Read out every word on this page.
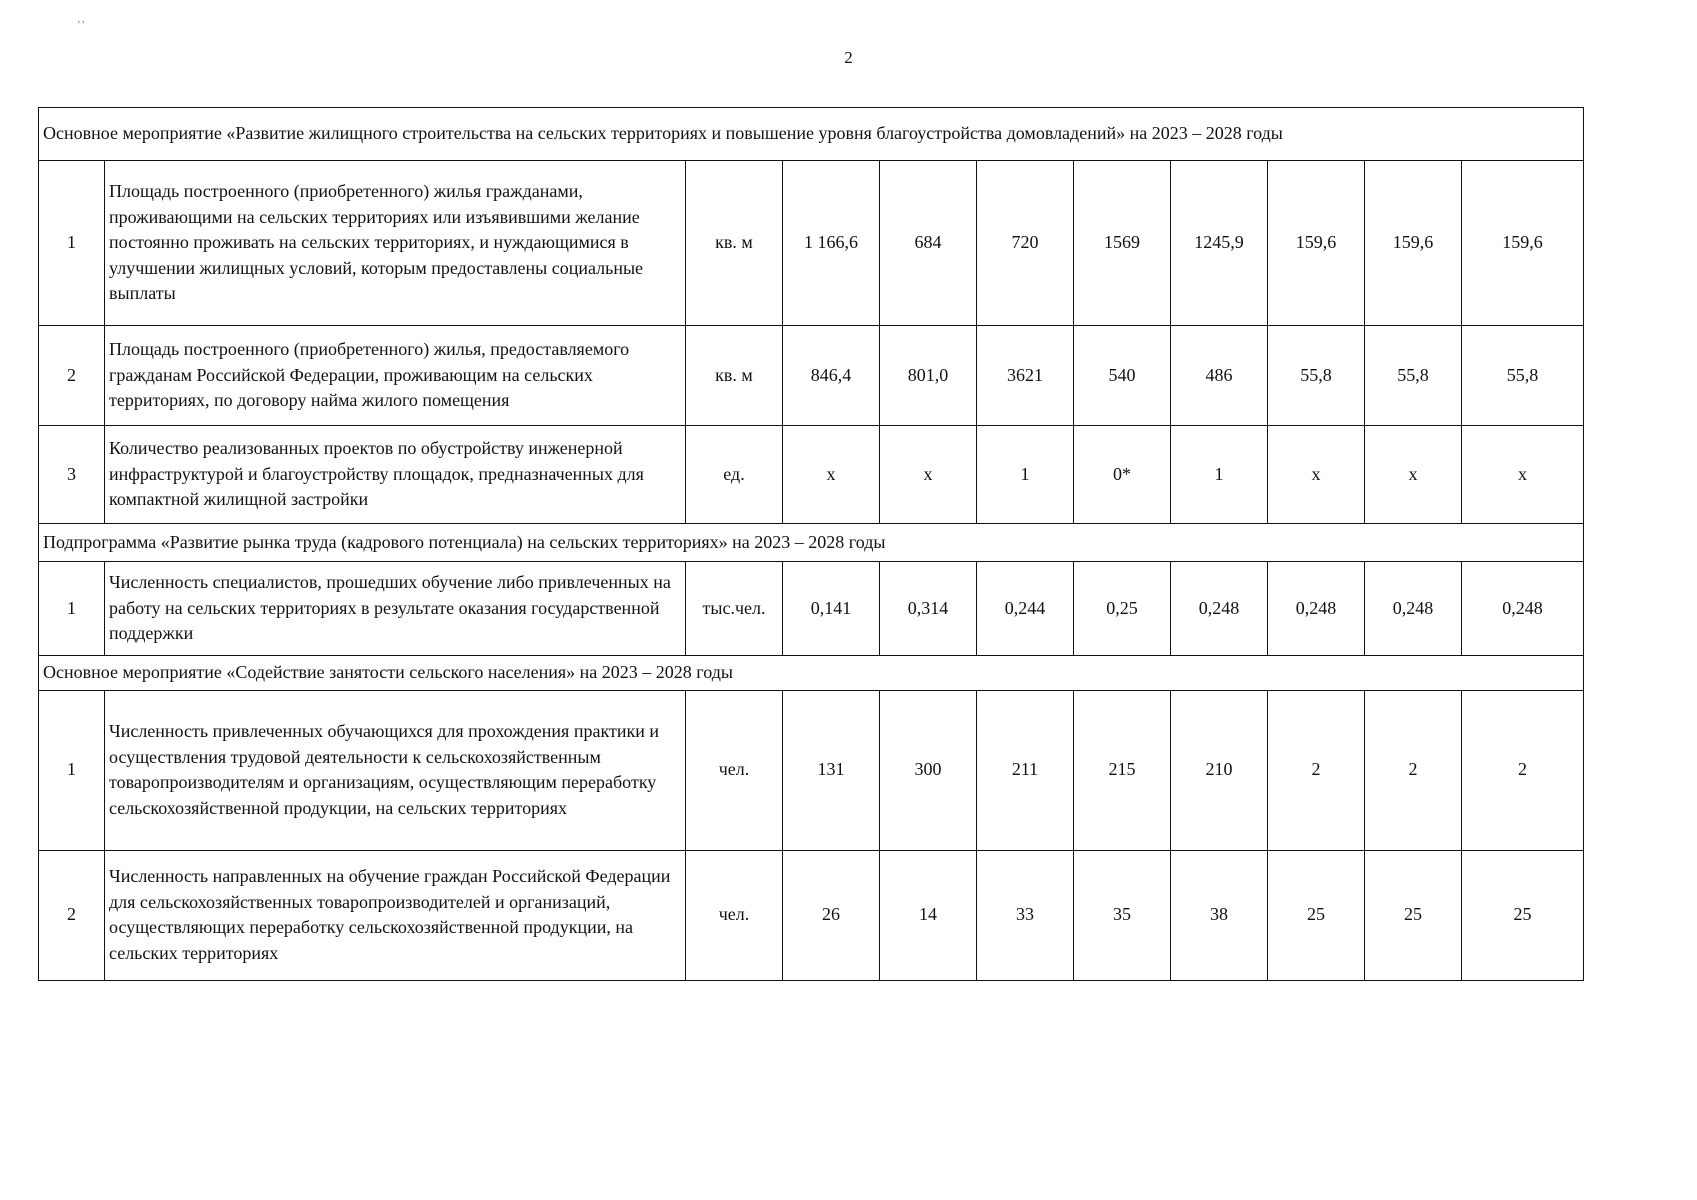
' '
2
Основное мероприятие «Развитие жилищного строительства на сельских территориях и повышение уровня благоустройства домовладений» на 2023 – 2028 годы										
1	Площадь построенного (приобретенного) жилья гражданами, проживающими на сельских территориях или изъявившими желание постоянно проживать на сельских территориях, и нуждающимися в улучшении жилищных условий, которым предоставлены социальные выплаты	кв. м	1 166,6	684	720	1569	1245,9	159,6	159,6	159,6
2	Площадь построенного (приобретенного) жилья, предоставляемого гражданам Российской Федерации, проживающим на сельских территориях, по договору найма жилого помещения	кв. м	846,4	801,0	3621	540	486	55,8	55,8	55,8
3	Количество реализованных проектов по обустройству инженерной инфраструктурой и благоустройству площадок, предназначенных для компактной жилищной застройки	ед.	х	х	1	0*	1	х	х	х
Подпрограмма «Развитие рынка труда (кадрового потенциала) на сельских территориях» на 2023 – 2028 годы										
1	Численность специалистов, прошедших обучение либо привлеченных на работу на сельских территориях в результате оказания государственной поддержки	тыс.чел.	0,141	0,314	0,244	0,25	0,248	0,248	0,248	0,248
Основное мероприятие «Содействие занятости сельского населения» на 2023 – 2028 годы										
1	Численность привлеченных обучающихся для прохождения практики и осуществления трудовой деятельности к сельскохозяйственным товаропроизводителям и организациям, осуществляющим переработку сельскохозяйственной продукции, на сельских территориях	чел.	131	300	211	215	210	2	2	2
2	Численность направленных на обучение граждан Российской Федерации для сельскохозяйственных товаропроизводителей и организаций, осуществляющих переработку сельскохозяйственной продукции, на сельских территориях	чел.	26	14	33	35	38	25	25	25
